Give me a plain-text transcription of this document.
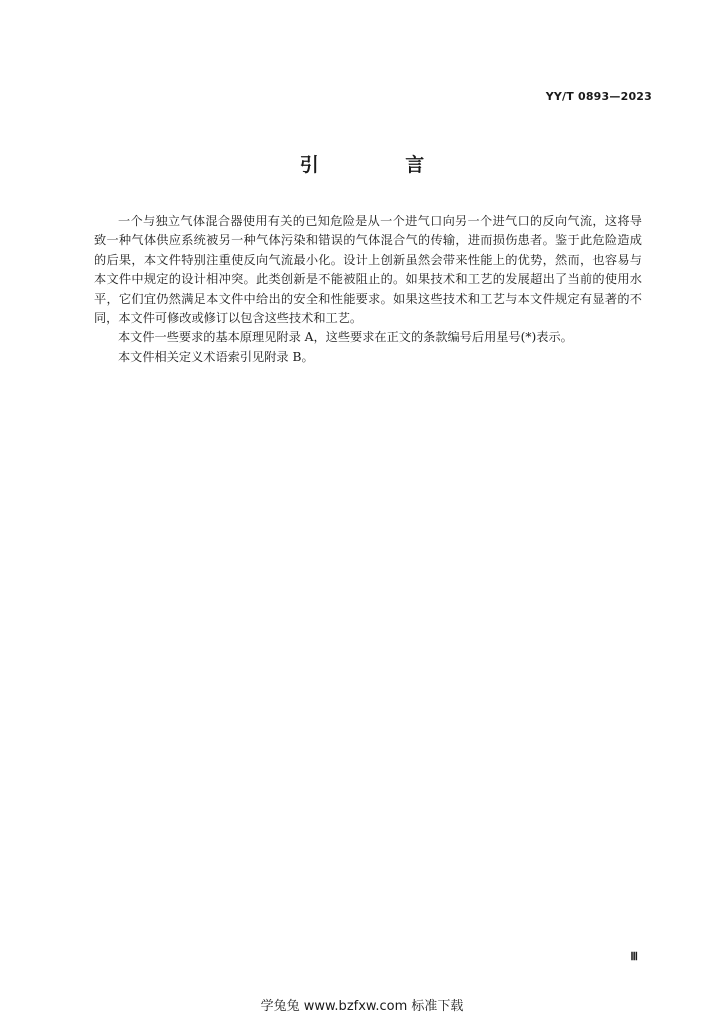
YY/T 0893—2023
引 言

一个与独立气体混合器使用有关的已知危险是从一个进气口向另一个进气口的反向气流，这将导致一种气体供应系统被另一种气体污染和错误的气体混合气的传输，进而损伤患者。鉴于此危险造成的后果，本文件特别注重使反向气流最小化。设计上创新虽然会带来性能上的优势，然而，也容易与本文件中规定的设计相冲突。此类创新是不能被阻止的。如果技术和工艺的发展超出了当前的使用水平，它们宜仍然满足本文件中给出的安全和性能要求。如果这些技术和工艺与本文件规定有显著的不同，本文件可修改或修订以包含这些技术和工艺。

本文件一些要求的基本原理见附录 A，这些要求在正文的条款编号后用星号(*)表示。

本文件相关定义术语索引见附录 B。

Ⅲ
学兔兔 www.bzfxw.com 标准下载
